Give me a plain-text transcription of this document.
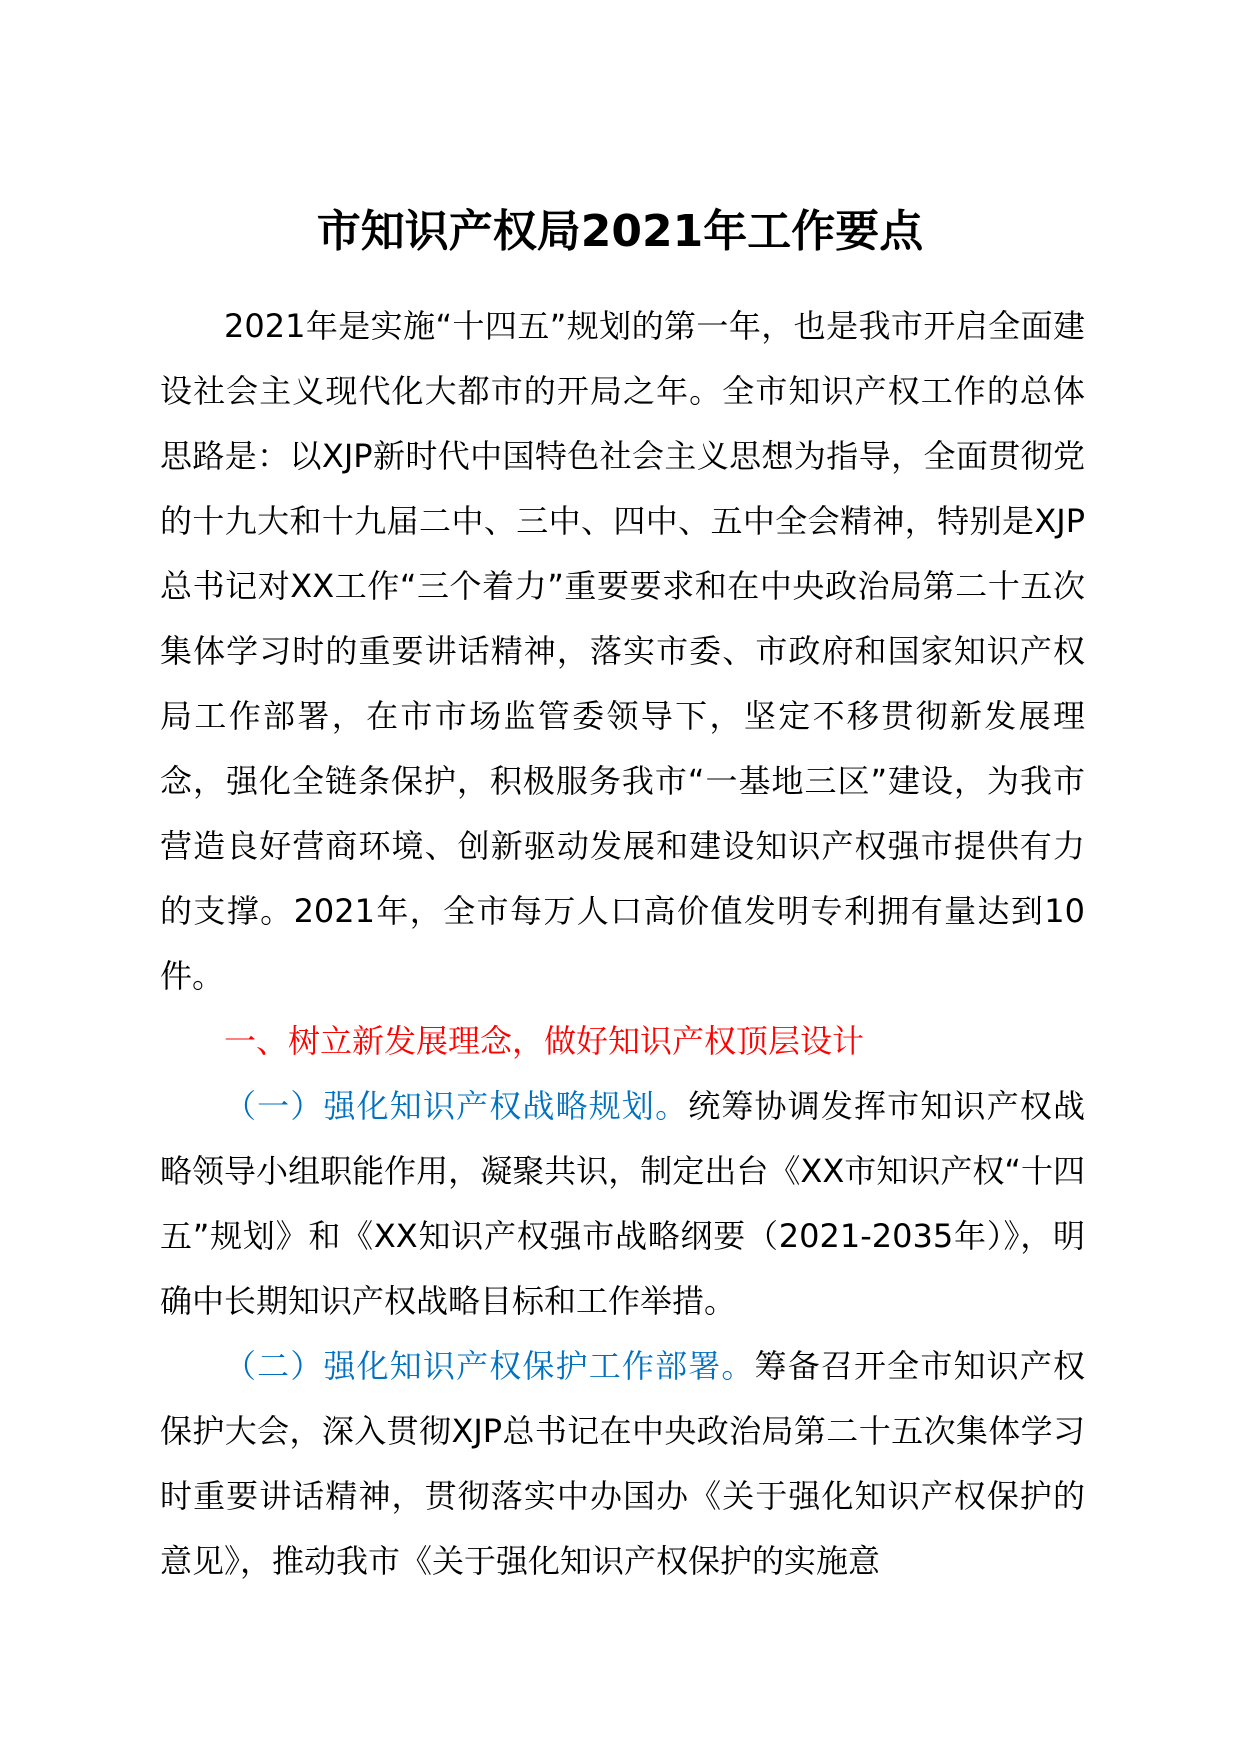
市知识产权局2021年工作要点

2021年是实施“十四五”规划的第一年，也是我市开启全面建设社会主义现代化大都市的开局之年。全市知识产权工作的总体思路是：以XJP新时代中国特色社会主义思想为指导，全面贯彻党的十九大和十九届二中、三中、四中、五中全会精神，特别是XJP总书记对XX工作“三个着力”重要要求和在中央政治局第二十五次集体学习时的重要讲话精神，落实市委、市政府和国家知识产权局工作部署，在市市场监管委领导下，坚定不移贯彻新发展理念，强化全链条保护，积极服务我市“一基地三区”建设，为我市营造良好营商环境、创新驱动发展和建设知识产权强市提供有力的支撑。2021年，全市每万人口高价值发明专利拥有量达到10件。

一、树立新发展理念，做好知识产权顶层设计

（一）强化知识产权战略规划。统筹协调发挥市知识产权战略领导小组职能作用，凝聚共识，制定出台《XX市知识产权“十四五”规划》和《XX知识产权强市战略纲要（2021-2035年）》，明确中长期知识产权战略目标和工作举措。

（二）强化知识产权保护工作部署。筹备召开全市知识产权保护大会，深入贯彻XJP总书记在中央政治局第二十五次集体学习时重要讲话精神，贯彻落实中办国办《关于强化知识产权保护的意见》，推动我市《关于强化知识产权保护的实施意
